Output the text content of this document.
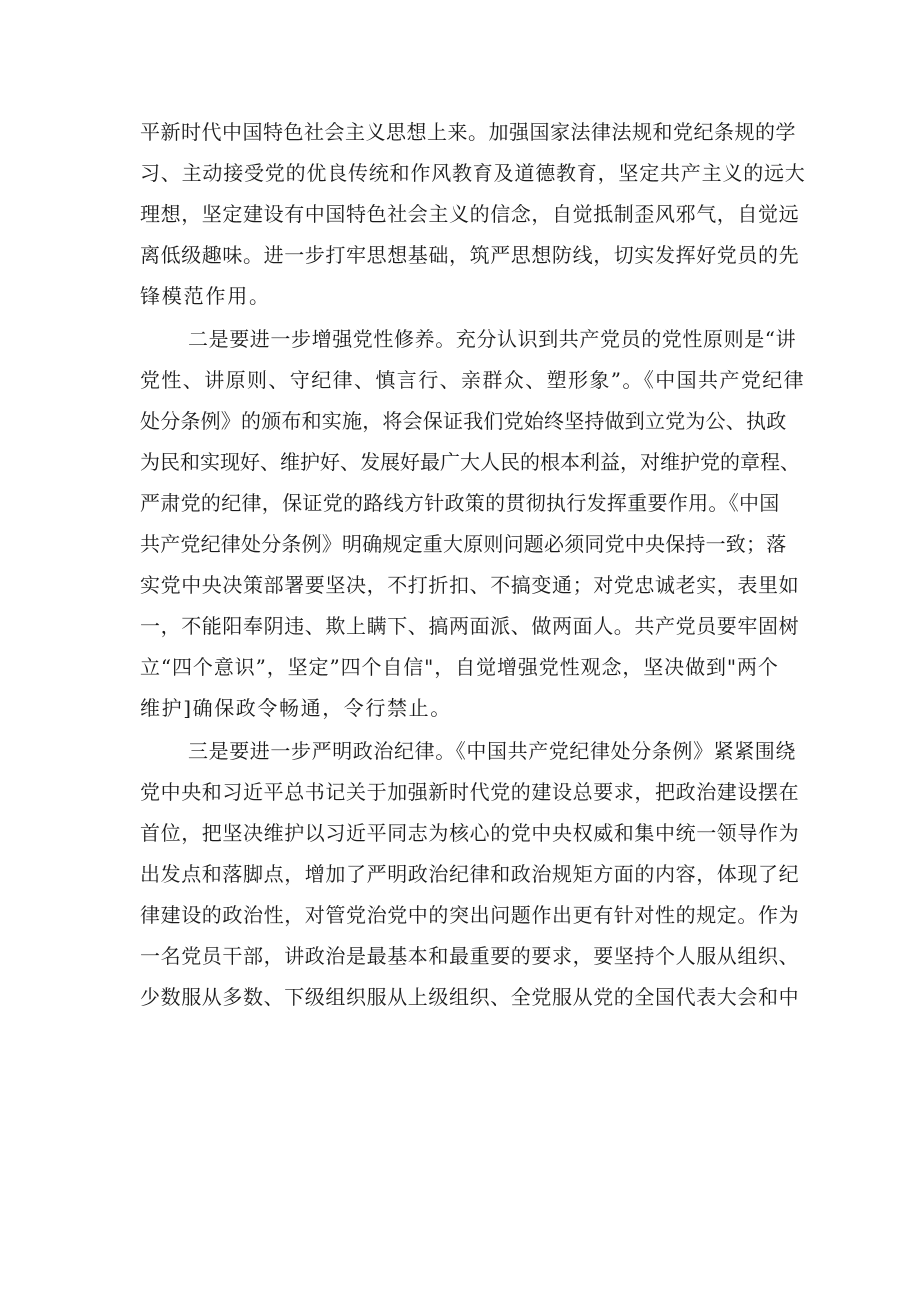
平新时代中国特色社会主义思想上来。加强国家法律法规和党纪条规的学
习、主动接受党的优良传统和作风教育及道德教育，坚定共产主义的远大
理想，坚定建设有中国特色社会主义的信念，自觉抵制歪风邪气，自觉远
离低级趣味。进一步打牢思想基础，筑严思想防线，切实发挥好党员的先
锋模范作用。
二是要进一步增强党性修养。充分认识到共产党员的党性原则是“讲
党性、讲原则、守纪律、慎言行、亲群众、塑形象”。《中国共产党纪律
处分条例》的颁布和实施，将会保证我们党始终坚持做到立党为公、执政
为民和实现好、维护好、发展好最广大人民的根本利益，对维护党的章程、
严肃党的纪律，保证党的路线方针政策的贯彻执行发挥重要作用。《中国
共产党纪律处分条例》明确规定重大原则问题必须同党中央保持一致；落
实党中央决策部署要坚决，不打折扣、不搞变通；对党忠诚老实，表里如
一，不能阳奉阴违、欺上瞒下、搞两面派、做两面人。共产党员要牢固树
立“四个意识”，坚定”四个自信"，自觉增强党性观念，坚决做到"两个
维护]确保政令畅通，令行禁止。
三是要进一步严明政治纪律。《中国共产党纪律处分条例》紧紧围绕
党中央和习近平总书记关于加强新时代党的建设总要求，把政治建设摆在
首位，把坚决维护以习近平同志为核心的党中央权威和集中统一领导作为
出发点和落脚点，增加了严明政治纪律和政治规矩方面的内容，体现了纪
律建设的政治性，对管党治党中的突出问题作出更有针对性的规定。作为
一名党员干部，讲政治是最基本和最重要的要求，要坚持个人服从组织、
少数服从多数、下级组织服从上级组织、全党服从党的全国代表大会和中
